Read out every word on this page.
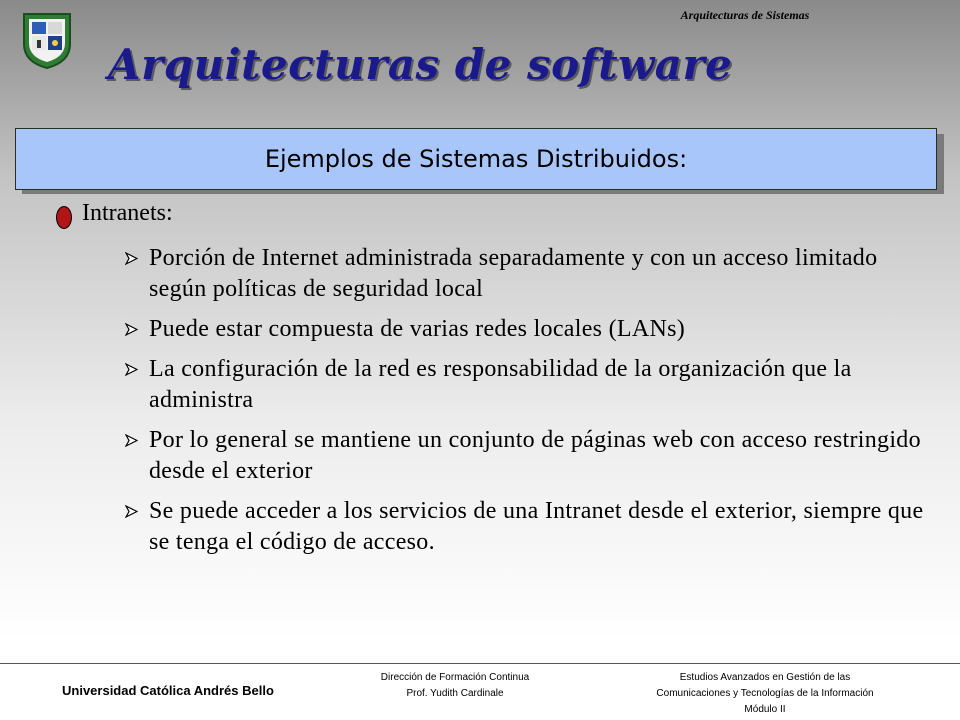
Arquitecturas de Sistemas
Arquitecturas de software
Ejemplos de Sistemas Distribuidos:
Intranets:
Porción de Internet administrada separadamente y con un acceso limitado según políticas de seguridad local
Puede estar compuesta de varias redes locales (LANs)
La configuración de la red es responsabilidad de la organización que la administra
Por lo general se mantiene un conjunto de páginas web con acceso restringido desde el exterior
Se puede acceder a los servicios de una Intranet desde el exterior, siempre que se tenga el código de acceso.
Universidad Católica Andrés Bello
Dirección de Formación Continua
Prof. Yudith Cardinale
Estudios Avanzados en Gestión de las
Comunicaciones y Tecnologías de la Información
Módulo II
